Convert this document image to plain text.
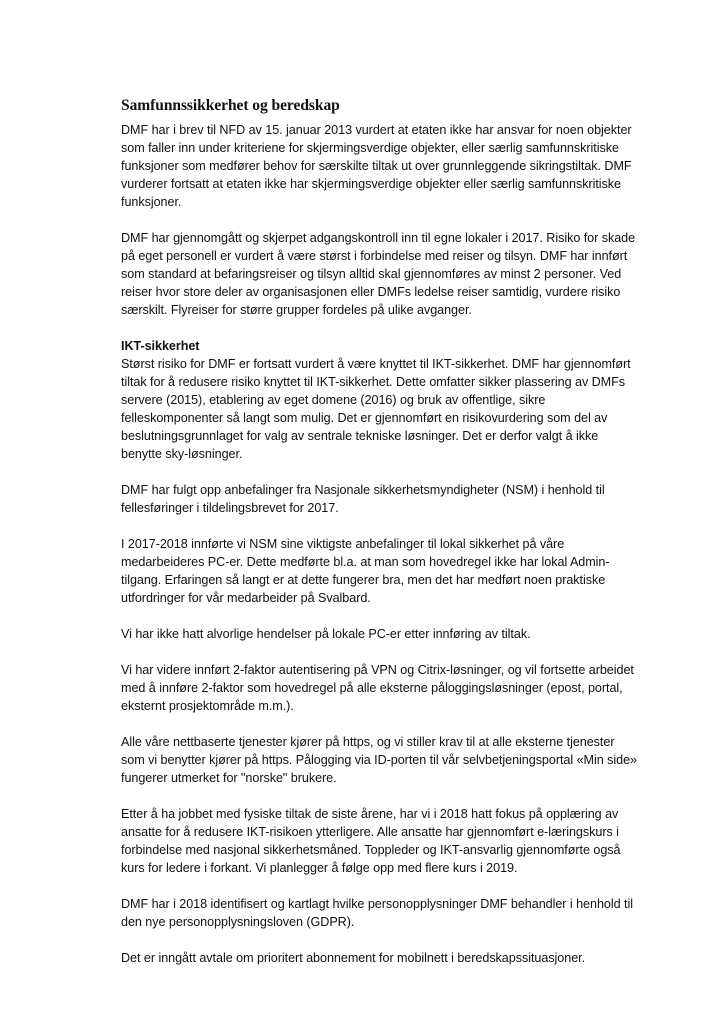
Samfunnssikkerhet og beredskap

DMF har i brev til NFD av 15. januar 2013 vurdert at etaten ikke har ansvar for noen objekter som faller inn under kriteriene for skjermingsverdige objekter, eller særlig samfunnskritiske funksjoner som medfører behov for særskilte tiltak ut over grunnleggende sikringstiltak. DMF vurderer fortsatt at etaten ikke har skjermingsverdige objekter eller særlig samfunnskritiske funksjoner.

DMF har gjennomgått og skjerpet adgangskontroll inn til egne lokaler i 2017. Risiko for skade på eget personell er vurdert å være størst i forbindelse med reiser og tilsyn. DMF har innført som standard at befaringsreiser og tilsyn alltid skal gjennomføres av minst 2 personer. Ved reiser hvor store deler av organisasjonen eller DMFs ledelse reiser samtidig, vurdere risiko særskilt. Flyreiser for større grupper fordeles på ulike avganger.

IKT-sikkerhet
Størst risiko for DMF er fortsatt vurdert å være knyttet til IKT-sikkerhet. DMF har gjennomført tiltak for å redusere risiko knyttet til IKT-sikkerhet. Dette omfatter sikker plassering av DMFs servere (2015), etablering av eget domene (2016) og bruk av offentlige, sikre felleskomponenter så langt som mulig. Det er gjennomført en risikovurdering som del av beslutningsgrunnlaget for valg av sentrale tekniske løsninger. Det er derfor valgt å ikke benytte sky-løsninger.

DMF har fulgt opp anbefalinger fra Nasjonale sikkerhetsmyndigheter (NSM) i henhold til fellesføringer i tildelingsbrevet for 2017.

I 2017-2018 innførte vi NSM sine viktigste anbefalinger til lokal sikkerhet på våre medarbeideres PC-er. Dette medførte bl.a. at man som hovedregel ikke har lokal Admin-tilgang. Erfaringen så langt er at dette fungerer bra, men det har medført noen praktiske utfordringer for vår medarbeider på Svalbard.

Vi har ikke hatt alvorlige hendelser på lokale PC-er etter innføring av tiltak.

Vi har videre innført 2-faktor autentisering på VPN og Citrix-løsninger, og vil fortsette arbeidet med å innføre 2-faktor som hovedregel på alle eksterne påloggingsløsninger (epost, portal, eksternt prosjektområde m.m.).

Alle våre nettbaserte tjenester kjører på https, og vi stiller krav til at alle eksterne tjenester som vi benytter kjører på https. Pålogging via ID-porten til vår selvbetjeningsportal «Min side» fungerer utmerket for "norske" brukere.

Etter å ha jobbet med fysiske tiltak de siste årene, har vi i 2018 hatt fokus på opplæring av ansatte for å redusere IKT-risikoen ytterligere. Alle ansatte har gjennomført e-læringskurs i forbindelse med nasjonal sikkerhetsmåned. Toppleder og IKT-ansvarlig gjennomførte også kurs for ledere i forkant. Vi planlegger å følge opp med flere kurs i 2019.

DMF har i 2018 identifisert og kartlagt hvilke personopplysninger DMF behandler i henhold til den nye personopplysningsloven (GDPR).

Det er inngått avtale om prioritert abonnement for mobilnett i beredskapssituasjoner.
